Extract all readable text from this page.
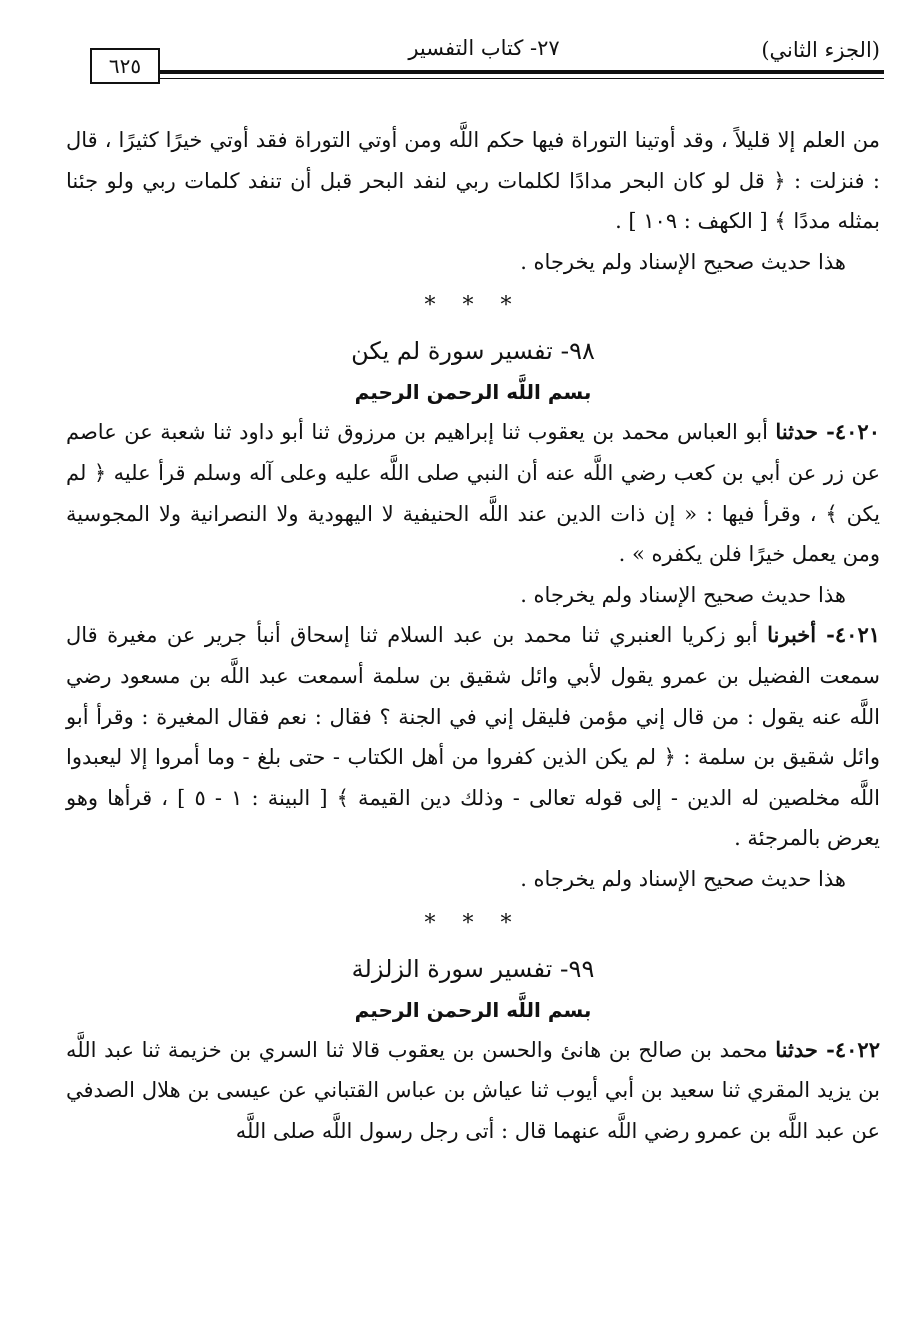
٦٢٥
٢٧- كتاب التفسير	(الجزء الثاني)

من العلم إلا قليلاً ، وقد أوتينا التوراة فيها حكم اللَّه ومن أوتي التوراة فقد أوتي خيرًا كثيرًا ، قال : فنزلت : ﴿ قل لو كان البحر مدادًا لكلمات ربي لنفد البحر قبل أن تنفد كلمات ربي ولو جئنا بمثله مددًا ﴾ [ الكهف : ١٠٩ ] .

هذا حديث صحيح الإسناد ولم يخرجاه .

* * *
٩٨- تفسير سورة لم يكن
بسم اللَّه الرحمن الرحيم

٤٠٢٠- حدثنا أبو العباس محمد بن يعقوب ثنا إبراهيم بن مرزوق ثنا أبو داود ثنا شعبة عن عاصم عن زر عن أبي بن كعب رضي اللَّه عنه أن النبي صلى اللَّه عليه وعلى آله وسلم قرأ عليه ﴿ لم يكن ﴾ ، وقرأ فيها : « إن ذات الدين عند اللَّه الحنيفية لا اليهودية ولا النصرانية ولا المجوسية ومن يعمل خيرًا فلن يكفره » .

هذا حديث صحيح الإسناد ولم يخرجاه .

٤٠٢١- أخبرنا أبو زكريا العنبري ثنا محمد بن عبد السلام ثنا إسحاق أنبأ جرير عن مغيرة قال سمعت الفضيل بن عمرو يقول لأبي وائل شقيق بن سلمة أسمعت عبد اللَّه بن مسعود رضي اللَّه عنه يقول : من قال إني مؤمن فليقل إني في الجنة ؟ فقال : نعم فقال المغيرة : وقرأ أبو وائل شقيق بن سلمة : ﴿ لم يكن الذين كفروا من أهل الكتاب - حتى بلغ - وما أمروا إلا ليعبدوا اللَّه مخلصين له الدين - إلى قوله تعالى - وذلك دين القيمة ﴾ [ البينة : ١ - ٥ ] ، قرأها وهو يعرض بالمرجئة .

هذا حديث صحيح الإسناد ولم يخرجاه .

* * *
٩٩- تفسير سورة الزلزلة
بسم اللَّه الرحمن الرحيم

٤٠٢٢- حدثنا محمد بن صالح بن هانئ والحسن بن يعقوب قالا ثنا السري بن خزيمة ثنا عبد اللَّه بن يزيد المقري ثنا سعيد بن أبي أيوب ثنا عياش بن عباس القتباني عن عيسى بن هلال الصدفي عن عبد اللَّه بن عمرو رضي اللَّه عنهما قال : أتى رجل رسول اللَّه صلى اللَّه
